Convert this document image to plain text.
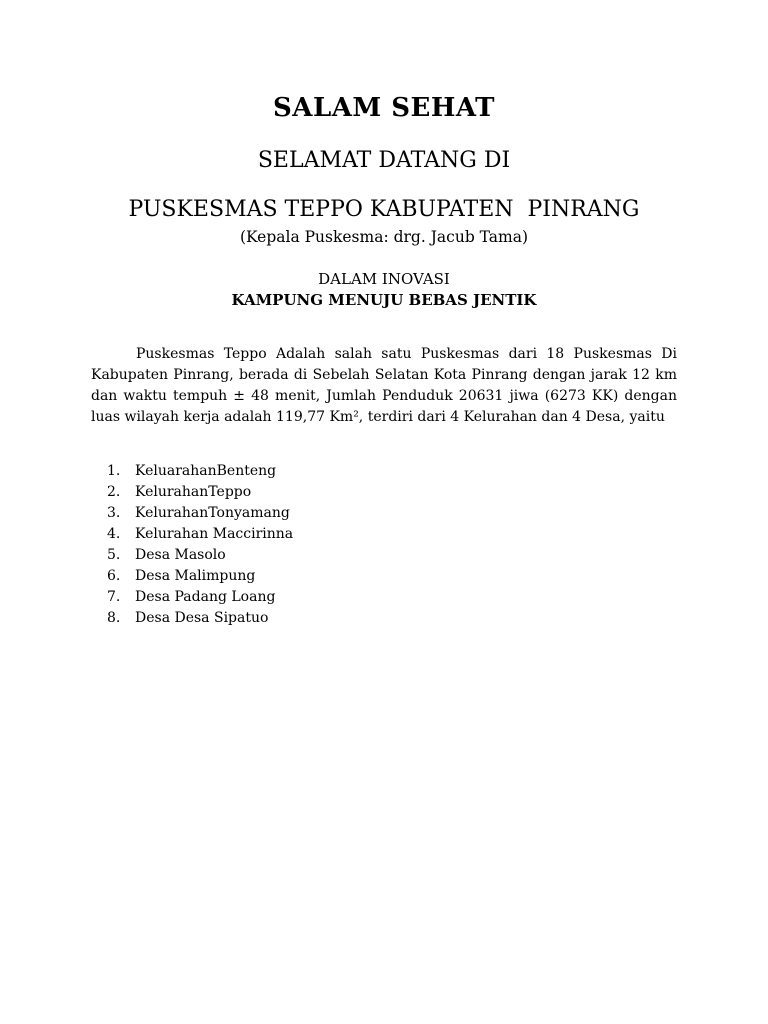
SALAM SEHAT
SELAMAT DATANG DI
PUSKESMAS TEPPO KABUPATEN  PINRANG
(Kepala Puskesma: drg. Jacub Tama)
DALAM INOVASI
KAMPUNG MENUJU BEBAS JENTIK

Puskesmas Teppo Adalah salah satu Puskesmas dari 18 Puskesmas Di Kabupaten Pinrang, berada di Sebelah Selatan Kota Pinrang dengan jarak 12 km dan waktu tempuh ± 48 menit, Jumlah Penduduk 20631 jiwa (6273 KK) dengan luas wilayah kerja adalah 119,77 Km², terdiri dari 4 Kelurahan dan 4 Desa, yaitu

1.	KeluarahanBenteng
2.	KelurahanTeppo
3.	KelurahanTonyamang
4.	Kelurahan Maccirinna
5.	Desa Masolo
6.	Desa Malimpung
7.	Desa Padang Loang
8.	Desa Desa Sipatuo
